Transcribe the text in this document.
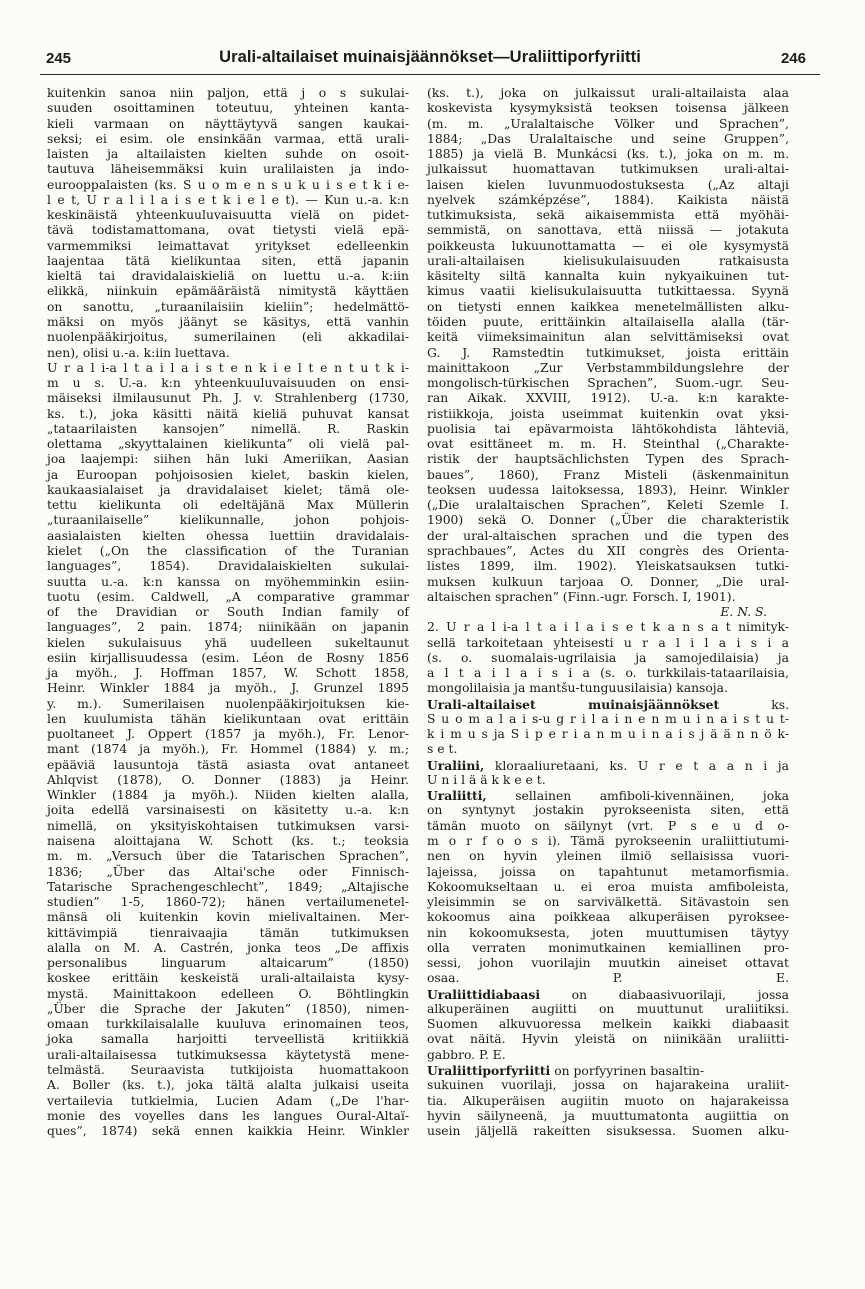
245	Urali-altailaiset muinaisjäännökset—Uraliittiporfyriitti	246
kuitenkin sanoa niin paljon, että j o s sukulai-
suuden osoittaminen toteutuu, yhteinen kanta-
kieli varmaan on näyttäytyvä sangen kaukai-
seksi; ei esim. ole ensinkään varmaa, että urali-
laisten ja altailaisten kielten suhde on osoit-
tautuva läheisemmäksi kuin uralilaisten ja indo-
eurooppalaisten (ks. S u o m e n s u k u i s e t k i e-
l e t, U r a l i l a i s e t k i e l e t). — Kun u.-a. k:n
keskinäistä yhteenkuuluvaisuutta vielä on pidet-
tävä todistamattomana, ovat tietysti vielä epä-
varmemmiksi leimattavat yritykset edelleenkin
laajentaa tätä kielikuntaa siten, että japanin
kieltä tai dravidalaiskieliä on luettu u.-a. k:iin
elikkä, niinkuin epämääräistä nimitystä käyttäen
on sanottu, „turaanilaisiin kieliin”; hedelmättö-
mäksi on myös jäänyt se käsitys, että vanhin
nuolenpääkirjoitus, sumerilainen (eli akkadilai-
nen), olisi u.-a. k:iin luettava.
U r a l i-a l t a i l a i s t e n k i e l t e n t u t k i-
m u s. U.-a. k:n yhteenkuuluvaisuuden on ensi-
mäiseksi ilmilausunut Ph. J. v. Strahlenberg (1730,
ks. t.), joka käsitti näitä kieliä puhuvat kansat
„tataarilaisten kansojen” nimellä. R. Raskin
olettama „skyyttalainen kielikunta” oli vielä pal-
joa laajempi: siihen hän luki Ameriikan, Aasian
ja Euroopan pohjoisosien kielet, baskin kielen,
kaukaasialaiset ja dravidalaiset kielet; tämä ole-
tettu kielikunta oli edeltäjänä Max Müllerin
„turaanilaiselle” kielikunnalle, johon pohjois-
aasialaisten kielten ohessa luettiin dravidalais-
kielet („On the classification of the Turanian
languages”, 1854). Dravidalaiskielten sukulai-
suutta u.-a. k:n kanssa on myöhemminkin esiin-
tuotu (esim. Caldwell, „A comparative grammar
of the Dravidian or South Indian family of
languages”, 2 pain. 1874; niinikään on japanin
kielen sukulaisuus yhä uudelleen sukeltaunut
esiin kirjallisuudessa (esim. Léon de Rosny 1856
ja myöh., J. Hoffman 1857, W. Schott 1858,
Heinr. Winkler 1884 ja myöh., J. Grunzel 1895
y. m.). Sumerilaisen nuolenpääkirjoituksen kie-
len kuulumista tähän kielikuntaan ovat erittäin
puoltaneet J. Oppert (1857 ja myöh.), Fr. Lenor-
mant (1874 ja myöh.), Fr. Hommel (1884) y. m.;
epääviä lausuntoja tästä asiasta ovat antaneet
Ahlqvist (1878), O. Donner (1883) ja Heinr.
Winkler (1884 ja myöh.). Niiden kielten alalla,
joita edellä varsinaisesti on käsitetty u.-a. k:n
nimellä, on yksityiskohtaisen tutkimuksen varsi-
naisena aloittajana W. Schott (ks. t.; teoksia
m. m. „Versuch über die Tatarischen Sprachen”,
1836; „Über das Altai'sche oder Finnisch-
Tatarische Sprachengeschlecht”, 1849; „Altajische
studien” 1-5, 1860-72); hänen vertailumenetel-
mänsä oli kuitenkin kovin mielivaltainen. Mer-
kittävimpiä tienraivaajia tämän tutkimuksen
alalla on M. A. Castrén, jonka teos „De affixis
personalibus linguarum altaicarum” (1850)
koskee erittäin keskeistä urali-altailaista kysy-
mystä. Mainittakoon edelleen O. Böhtlingkin
„Über die Sprache der Jakuten” (1850), nimen-
omaan turkkilaisalalle kuuluva erinomainen teos,
joka samalla harjoitti terveellistä kritiikkiä
urali-altailaisessa tutkimuksessa käytetystä mene-
telmästä. Seuraavista tutkijoista huomattakoon
A. Boller (ks. t.), joka tältä alalta julkaisi useita
vertailevia tutkielmia, Lucien Adam („De l'har-
monie des voyelles dans les langues Oural-Altaï-
ques”, 1874) sekä ennen kaikkia Heinr. Winkler
(ks. t.), joka on julkaissut urali-altailaista alaa
koskevista kysymyksistä teoksen toisensa jälkeen
(m. m. „Uralaltaische Völker und Sprachen”,
1884; „Das Uralaltaische und seine Gruppen”,
1885) ja vielä B. Munkácsi (ks. t.), joka on m. m.
julkaissut huomattavan tutkimuksen urali-altai-
laisen kielen luvunmuodostuksesta („Az altaji
nyelvek számképzése”, 1884). Kaikista näistä
tutkimuksista, sekä aikaisemmista että myöhäi-
semmistä, on sanottava, että niissä — jotakuta
poikkeusta lukuunottamatta — ei ole kysymystä
urali-altailaisen kielisukulaisuuden ratkaisusta
käsitelty siltä kannalta kuin nykyaikuinen tut-
kimus vaatii kielisukulaisuutta tutkittaessa. Syynä
on tietysti ennen kaikkea menetelmällisten alku-
töiden puute, erittäinkin altailaisella alalla (tär-
keitä viimeksimainitun alan selvittämiseksi ovat
G. J. Ramstedtin tutkimukset, joista erittäin
mainittakoon „Zur Verbstammbildungslehre der
mongolisch-türkischen Sprachen”, Suom.-ugr. Seu-
ran Aikak. XXVIII, 1912). U.-a. k:n karakte-
ristiikkoja, joista useimmat kuitenkin ovat yksi-
puolisia tai epävarmoista lähtökohdista lähteviä,
ovat esittäneet m. m. H. Steinthal („Charakte-
ristik der hauptsächlichsten Typen des Sprach-
baues”, 1860), Franz Misteli (äskenmainitun
teoksen uudessa laitoksessa, 1893), Heinr. Winkler
(„Die uralaltaischen Sprachen”, Keleti Szemle I.
1900) sekä O. Donner („Über die charakteristik
der ural-altaischen sprachen und die typen des
sprachbaues”, Actes du XII congrès des Orienta-
listes 1899, ilm. 1902). Yleiskatsauksen tutki-
muksen kulkuun tarjoaa O. Donner, „Die ural-
altaischen sprachen” (Finn.-ugr. Forsch. I, 1901).
E. N. S.
2. U r a l i-a l t a i l a i s e t k a n s a t nimityk-
sellä tarkoitetaan yhteisesti u r a l i l a i s i a
(s. o. suomalais-ugrilaisia ja samojedilaisia) ja
a l t a i l a i s i a (s. o. turkkilais-tataarilaisia,
mongolilaisia ja mantšu-tunguusilaisia) kansoja.
Urali-altailaiset muinaisjäännökset ks.
S u o m a l a i s-u g r i l a i n e n m u i n a i s t u t-
k i m u s ja S i p e r i a n m u i n a i s j ä ä n n ö k-
s e t.
Uraliini, kloraaliuretaani, ks. U r e t a a n i ja
U n i l ä ä k k e e t.
Uraliitti, sellainen amfiboli-kivennäinen, joka
on syntynyt jostakin pyrokseenista siten, että
tämän muoto on säilynyt (vrt. P s e u d o-
m o r f o o s i). Tämä pyrokseenin uraliittiutumi-
nen on hyvin yleinen ilmiö sellaisissa vuori-
lajeissa, joissa on tapahtunut metamorfismia.
Kokoomukseltaan u. ei eroa muista amfiboleista,
yleisimmin se on sarvivälkettä. Sitävastoin sen
kokoomus aina poikkeaa alkuperäisen pyroksee-
nin kokoomuksesta, joten muuttumisen täytyy
olla verraten monimutkainen kemiallinen pro-
sessi, johon vuorilajin muutkin aineiset ottavat
osaa. P. E.
Uraliittidiabaasi on diabaasivuorilaji, jossa
alkuperäinen augiitti on muuttunut uraliitiksi.
Suomen alkuvuoressa melkein kaikki diabaasit
ovat näitä. Hyvin yleistä on niinikään uraliitti-
gabbro. P. E.
Uraliittiporfyriitti on porfyyrinen basaltin-
sukuinen vuorilaji, jossa on hajarakeina uraliit-
tia. Alkuperäisen augiitin muoto on hajarakeissa
hyvin säilyneenä, ja muuttumatonta augiittia on
usein jäljellä rakeitten sisuksessa. Suomen alku-
